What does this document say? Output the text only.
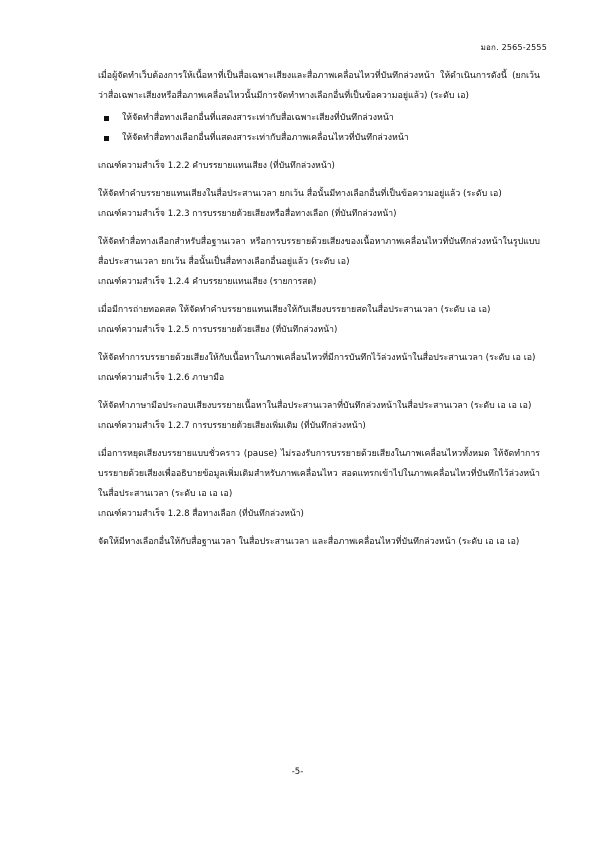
มอก. 2565-2555

เมื่อผู้จัดทำเว็บต้องการให้เนื้อหาที่เป็นสื่อเฉพาะเสียงและสื่อภาพเคลื่อนไหวที่บันทึกล่วงหน้า ให้ดำเนินการดังนี้ (ยกเว้นว่าสื่อเฉพาะเสียงหรือสื่อภาพเคลื่อนไหวนั้นมีการจัดทำทางเลือกอื่นที่เป็นข้อความอยู่แล้ว) (ระดับ เอ)

ให้จัดทำสื่อทางเลือกอื่นที่แสดงสาระเท่ากับสื่อเฉพาะเสียงที่บันทึกล่วงหน้า
ให้จัดทำสื่อทางเลือกอื่นที่แสดงสาระเท่ากับสื่อภาพเคลื่อนไหวที่บันทึกล่วงหน้า

เกณฑ์ความสำเร็จ 1.2.2 คำบรรยายแทนเสียง (ที่บันทึกล่วงหน้า)

ให้จัดทำคำบรรยายแทนเสียงในสื่อประสานเวลา ยกเว้น สื่อนั้นมีทางเลือกอื่นที่เป็นข้อความอยู่แล้ว (ระดับ เอ)

เกณฑ์ความสำเร็จ 1.2.3 การบรรยายด้วยเสียงหรือสื่อทางเลือก (ที่บันทึกล่วงหน้า)

ให้จัดทำสื่อทางเลือกสำหรับสื่อฐานเวลา หรือการบรรยายด้วยเสียงของเนื้อหาภาพเคลื่อนไหวที่บันทึกล่วงหน้าในรูปแบบสื่อประสานเวลา ยกเว้น สื่อนั้นเป็นสื่อทางเลือกอื่นอยู่แล้ว (ระดับ เอ)

เกณฑ์ความสำเร็จ 1.2.4 คำบรรยายแทนเสียง (รายการสด)

เมื่อมีการถ่ายทอดสด ให้จัดทำคำบรรยายแทนเสียงให้กับเสียงบรรยายสดในสื่อประสานเวลา (ระดับ เอ เอ)

เกณฑ์ความสำเร็จ 1.2.5 การบรรยายด้วยเสียง (ที่บันทึกล่วงหน้า)

ให้จัดทำการบรรยายด้วยเสียงให้กับเนื้อหาในภาพเคลื่อนไหวที่มีการบันทึกไว้ล่วงหน้าในสื่อประสานเวลา (ระดับ เอ เอ)

เกณฑ์ความสำเร็จ 1.2.6 ภาษามือ

ให้จัดทำภาษามือประกอบเสียงบรรยายเนื้อหาในสื่อประสานเวลาที่บันทึกล่วงหน้าในสื่อประสานเวลา (ระดับ เอ เอ เอ)

เกณฑ์ความสำเร็จ 1.2.7 การบรรยายด้วยเสียงเพิ่มเติม (ที่บันทึกล่วงหน้า)

เมื่อการหยุดเสียงบรรยายแบบชั่วคราว (pause) ไม่รองรับการบรรยายด้วยเสียงในภาพเคลื่อนไหวทั้งหมด ให้จัดทำการบรรยายด้วยเสียงเพื่ออธิบายข้อมูลเพิ่มเติมสำหรับภาพเคลื่อนไหว สอดแทรกเข้าไปในภาพเคลื่อนไหวที่บันทึกไว้ล่วงหน้าในสื่อประสานเวลา (ระดับ เอ เอ เอ)

เกณฑ์ความสำเร็จ 1.2.8 สื่อทางเลือก (ที่บันทึกล่วงหน้า)

จัดให้มีทางเลือกอื่นให้กับสื่อฐานเวลา ในสื่อประสานเวลา และสื่อภาพเคลื่อนไหวที่บันทึกล่วงหน้า (ระดับ เอ เอ เอ)

-5-
